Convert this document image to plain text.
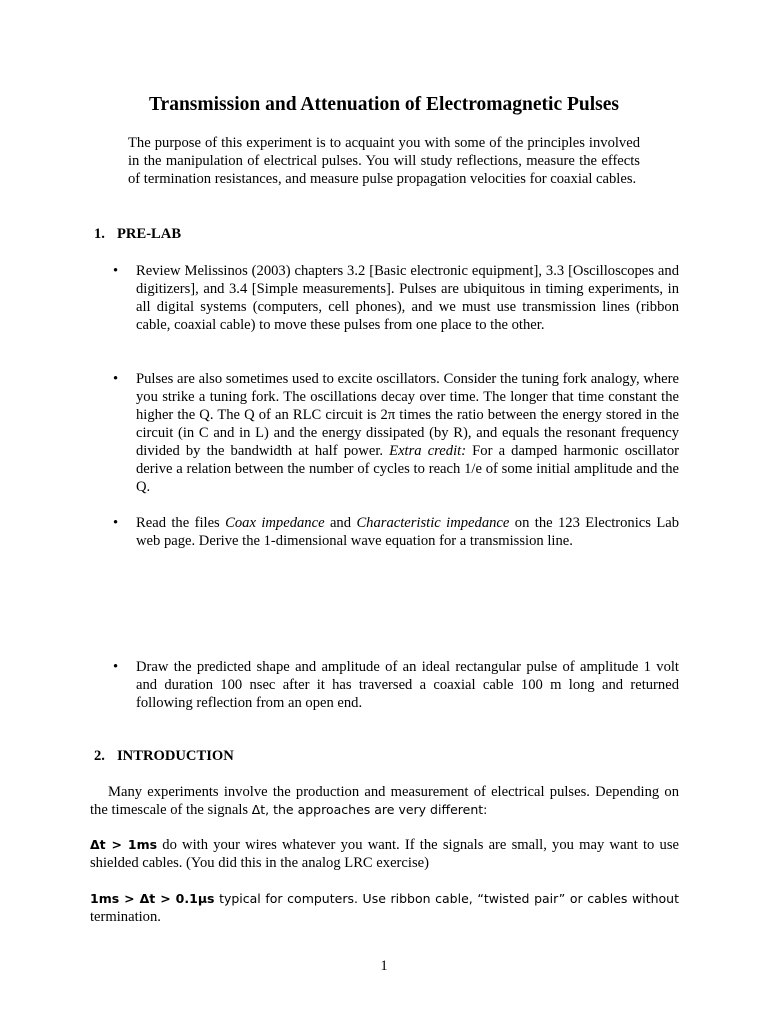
Transmission and Attenuation of Electromagnetic Pulses
The purpose of this experiment is to acquaint you with some of the principles involved in the manipulation of electrical pulses. You will study reflections, measure the effects of termination resistances, and measure pulse propagation velocities for coaxial cables.
1. PRE-LAB
•	Review Melissinos (2003) chapters 3.2 [Basic electronic equipment], 3.3 [Oscilloscopes and digitizers], and 3.4 [Simple measurements]. Pulses are ubiquitous in timing experiments, in all digital systems (computers, cell phones), and we must use transmission lines (ribbon cable, coaxial cable) to move these pulses from one place to the other.
•	Pulses are also sometimes used to excite oscillators. Consider the tuning fork analogy, where you strike a tuning fork. The oscillations decay over time. The longer that time constant the higher the Q. The Q of an RLC circuit is 2π times the ratio between the energy stored in the circuit (in C and in L) and the energy dissipated (by R), and equals the resonant frequency divided by the bandwidth at half power. Extra credit: For a damped harmonic oscillator derive a relation between the number of cycles to reach 1/e of some initial amplitude and the Q.
•	Read the files Coax impedance and Characteristic impedance on the 123 Electronics Lab web page. Derive the 1-dimensional wave equation for a transmission line.
•	Draw the predicted shape and amplitude of an ideal rectangular pulse of amplitude 1 volt and duration 100 nsec after it has traversed a coaxial cable 100 m long and returned following reflection from an open end.
2. INTRODUCTION
Many experiments involve the production and measurement of electrical pulses. Depending on the timescale of the signals Δt, the approaches are very different:
Δt > 1ms do with your wires whatever you want. If the signals are small, you may want to use shielded cables. (You did this in the analog LRC exercise)
1ms > Δt > 0.1μs typical for computers. Use ribbon cable, “twisted pair” or cables without termination.
1
